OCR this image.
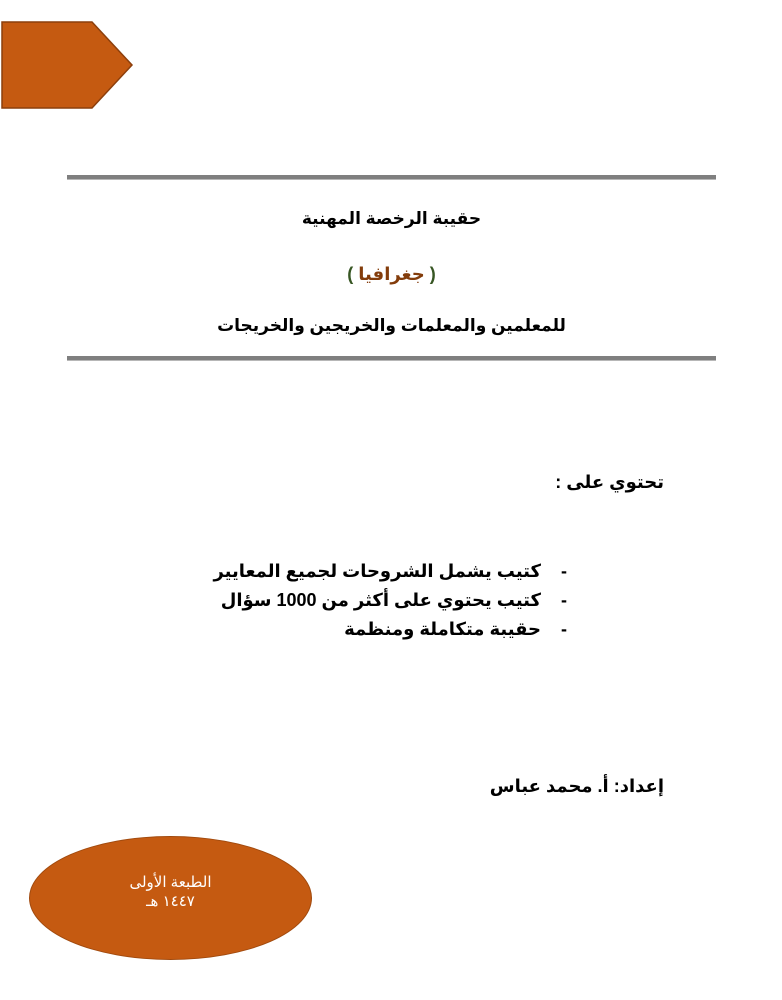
حقيبة الرخصة المهنية
( جغرافيا )
للمعلمين والمعلمات والخريجين والخريجات
تحتوي على :
-كتيب يشمل الشروحات لجميع المعايير
-كتيب يحتوي على أكثر من 1000 سؤال
-حقيبة متكاملة ومنظمة
إعداد: أ. محمد عباس
الطبعة الأولى
١٤٤٧ هـ
